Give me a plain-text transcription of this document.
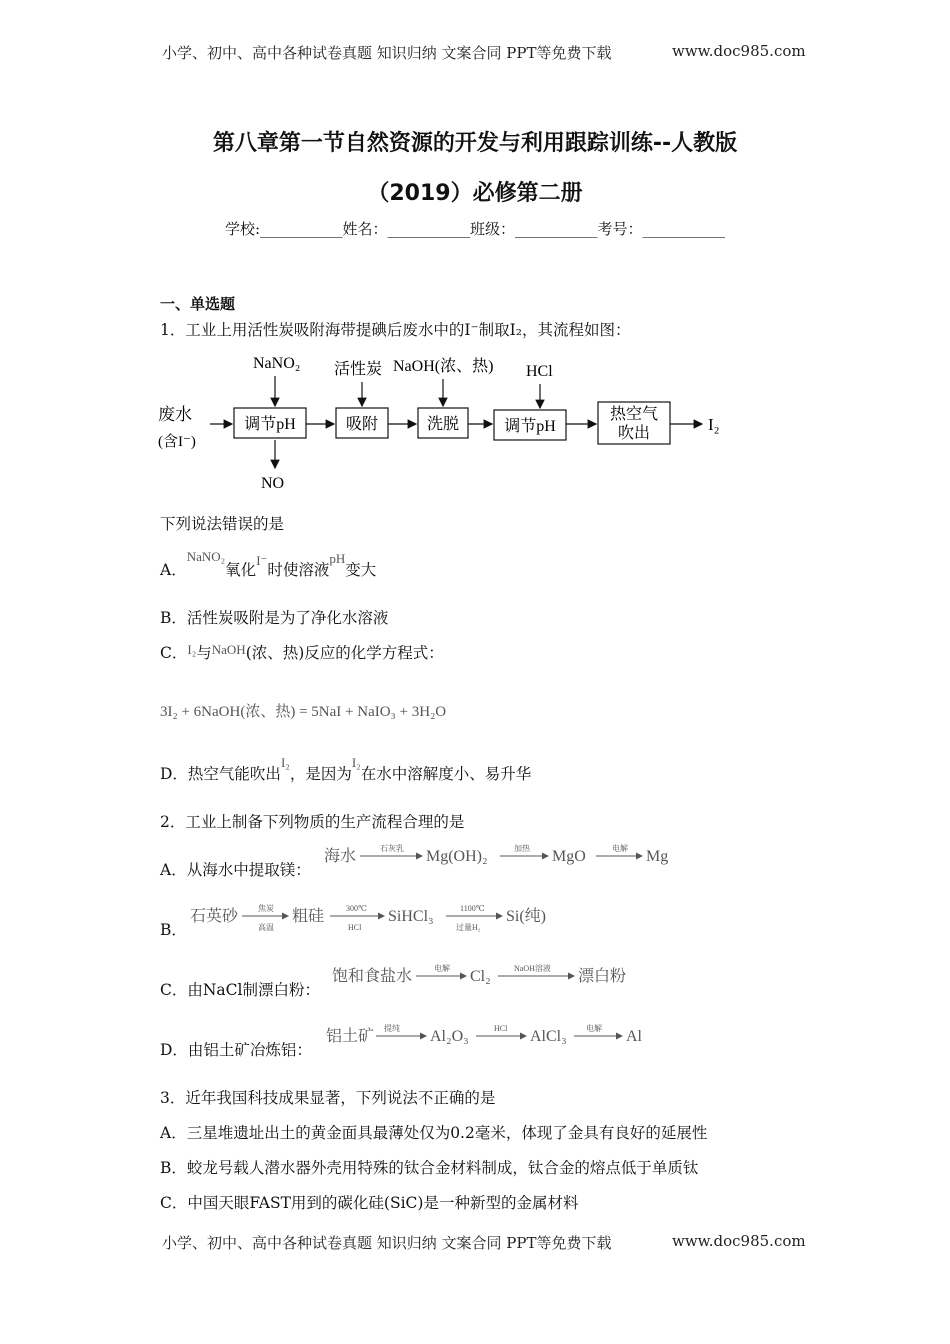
小学、初中、高中各种试卷真题 知识归纳 文案合同 PPT等免费下载	www.doc985.com
第八章第一节自然资源的开发与利用跟踪训练--人教版
（2019）必修第二册
学校:___________姓名：___________班级：___________考号：___________
一、单选题
1．工业上用活性炭吸附海带提碘后废水中的I⁻制取I₂，其流程如图：
废水
(含I⁻)
调节pH
NaNO₂
NO
吸附
活性炭
洗脱
NaOH(浓、热)
调节pH
HCl
热空气
吹出	I₂
下列说法错误的是
A．$^{NaNO_2}$氧化$^{I^-}$时使溶液$^{pH}$变大
B．活性炭吸附是为了净化水溶液
C．$^{I_2}$与$^{NaOH}$(浓、热)反应的化学方程式：
3I₂ + 6NaOH(浓、热) = 5NaI + NaIO₃ + 3H₂O
D．热空气能吹出$^{I_2}$，是因为$^{I_2}$在水中溶解度小、易升华
2．工业上制备下列物质的生产流程合理的是
A．从海水中提取镁：
海水	石灰乳 Mg(OH)₂	加热 MgO	电解 Mg
B．
石英砂 焦炭
高温
粗硅	300℃
HCl
SiHCl₃	1100℃
过量H₂
Si(纯)
C．由NaCl制漂白粉：
饱和食盐水	电解 Cl₂	NaOH溶液 漂白粉
D．由铝土矿冶炼铝：
铝土矿 提纯 Al₂O₃	HCl AlCl₃ 电解 Al
3．近年我国科技成果显著，下列说法不正确的是
A．三星堆遗址出土的黄金面具最薄处仅为0.2毫米，体现了金具有良好的延展性
B．蛟龙号载人潜水器外壳用特殊的钛合金材料制成，钛合金的熔点低于单质钛
C．中国天眼FAST用到的碳化硅(SiC)是一种新型的金属材料
小学、初中、高中各种试卷真题 知识归纳 文案合同 PPT等免费下载	www.doc985.com
